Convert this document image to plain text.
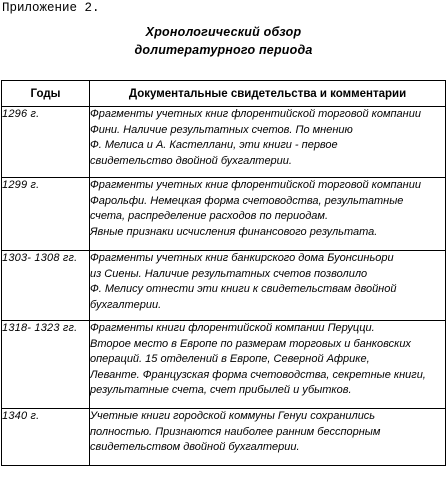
Приложение 2.
Хронологический обзор
долитературного периода
Годы	Документальные свидетельства и комментарии
1296 г.	Фрагменты учетных книг флорентийской торговой компании
Фини. Наличие результатных счетов. По мнению
Ф. Мелиса и А. Кастеллани, эти книги - первое
свидетельство двойной бухгалтерии.

1299 г.	Фрагменты учетных книг флорентийской торговой компании
Фарольфи. Немецкая форма счетоводства, результатные
счета, распределение расходов по периодам.
Явные признаки исчисления финансового результата.

1303- 1308 гг.	Фрагменты учетных книг банкирского дома Буонсиньори
из Сиены. Наличие результатных счетов позволило
Ф. Мелису отнести эти книги к свидетельствам двойной
бухгалтерии.

1318- 1323 гг.	Фрагменты книги флорентийской компании Перуцци.
Второе место в Европе по размерам торговых и банковских
операций. 15 отделений в Европе, Северной Африке,
Леванте. Французская форма счетоводства, секретные книги,
результатные счета, счет прибылей и убытков.

1340 г.	Учетные книги городской коммуны Генуи сохранились
полностью. Признаются наиболее ранним бесспорным
свидетельством двойной бухгалтерии.
